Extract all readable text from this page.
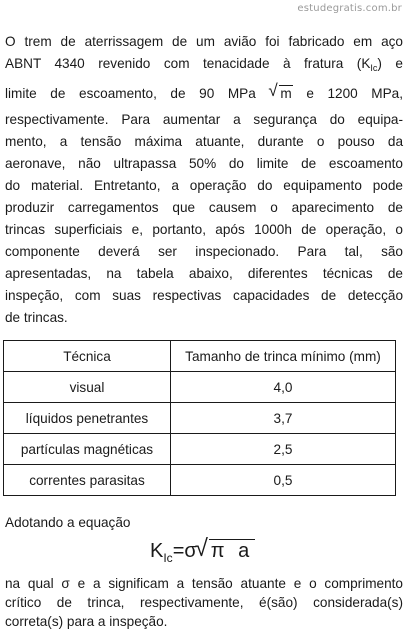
estudegratis.com.br
O trem de aterrissagem de um avião foi fabricado em aço
ABNT 4340 revenido com tenacidade à fratura $(K_{Ic})$ e
limite de escoamento, de 90 MPa √ m e 1200 MPa,
respectivamente. Para aumentar a segurança do equipa-
mento, a tensão máxima atuante, durante o pouso da
aeronave, não ultrapassa 50% do limite de escoamento
do material. Entretanto, a operação do equipamento pode
produzir carregamentos que causem o aparecimento de
trincas superficiais e, portanto, após 1000h de operação, o
componente deverá ser inspecionado. Para tal, são
apresentadas, na tabela abaixo, diferentes técnicas de
inspeção, com suas respectivas capacidades de detecção
de trincas.
Técnica	Tamanho de trinca mínimo (mm)
visual	4,0
líquidos penetrantes	3,7
partículas magnéticas	2,5
correntes parasitas	0,5
Adotando a equação
$K_{Ic}=\sigma$ √ π a
na qual σ e a significam a tensão atuante e o comprimento
crítico de trinca, respectivamente, é(são) considerada(s)
correta(s) para a inspeção.
